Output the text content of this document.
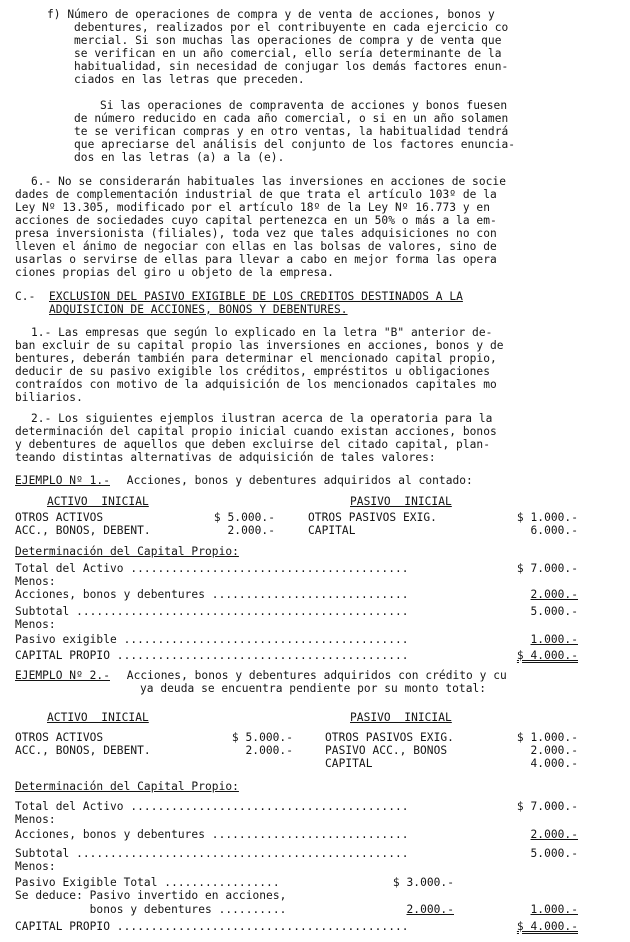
f) Número de operaciones de compra y de venta de acciones, bonos y
debentures, realizados por el contribuyente en cada ejercicio co
mercial. Si son muchas las operaciones de compra y de venta que
se verifican en un año comercial, ello sería determinante de la
habitualidad, sin necesidad de conjugar los demás factores enun-
ciados en las letras que preceden.
Si las operaciones de compraventa de acciones y bonos fuesen
de número reducido en cada año comercial, o si en un año solamen
te se verifican compras y en otro ventas, la habitualidad tendrá
que apreciarse del análisis del conjunto de los factores enuncia-
dos en las letras (a) a la (e).
6.- No se considerarán habituales las inversiones en acciones de socie
dades de complementación industrial de que trata el artículo 103º de la
Ley Nº 13.305, modificado por el artículo 18º de la Ley Nº 16.773 y en
acciones de sociedades cuyo capital pertenezca en un 50% o más a la em-
presa inversionista (filiales), toda vez que tales adquisiciones no con
lleven el ánimo de negociar con ellas en las bolsas de valores, sino de
usarlas o servirse de ellas para llevar a cabo en mejor forma las opera
ciones propias del giro u objeto de la empresa.
C.- EXCLUSION DEL PASIVO EXIGIBLE DE LOS CREDITOS DESTINADOS A LA
ADQUISICION DE ACCIONES, BONOS Y DEBENTURES.
1.- Las empresas que según lo explicado en la letra "B" anterior de-
ban excluir de su capital propio las inversiones en acciones, bonos y de
bentures, deberán también para determinar el mencionado capital propio,
deducir de su pasivo exigible los créditos, empréstitos u obligaciones
contraídos con motivo de la adquisición de los mencionados capitales mo
biliarios.
2.- Los siguientes ejemplos ilustran acerca de la operatoria para la
determinación del capital propio inicial cuando existan acciones, bonos
y debentures de aquellos que deben excluirse del citado capital, plan-
teando distintas alternativas de adquisición de tales valores:
EJEMPLO Nº 1.- Acciones, bonos y debentures adquiridos al contado:
ACTIVO  INICIAL	PASIVO  INICIAL
OTROS ACTIVOS	$ 5.000.-
ACC., BONOS, DEBENT.	2.000.-
OTROS PASIVOS EXIG.	$ 1.000.-
CAPITAL	6.000.-
Determinación del Capital Propio:
Total del Activo .........................................	$ 7.000.-
Menos:
Acciones, bonos y debentures .............................	2.000.-
Subtotal .................................................	5.000.-
Menos:
Pasivo exigible ..........................................	1.000.-
CAPITAL PROPIO ...........................................	$ 4.000.-
EJEMPLO Nº 2.- Acciones, bonos y debentures adquiridos con crédito y cu
ya deuda se encuentra pendiente por su monto total:
ACTIVO  INICIAL	PASIVO  INICIAL
OTROS ACTIVOS	$ 5.000.-
ACC., BONOS, DEBENT.	2.000.-
OTROS PASIVOS EXIG.	$ 1.000.-
PASIVO ACC., BONOS	2.000.-
CAPITAL	4.000.-
Determinación del Capital Propio:
Total del Activo .........................................	$ 7.000.-
Menos:
Acciones, bonos y debentures .............................	2.000.-
Subtotal .................................................	5.000.-
Menos:
Pasivo Exigible Total .................	$ 3.000.-
Se deduce: Pasivo invertido en acciones,
bonos y debentures ..........	2.000.-	1.000.-
CAPITAL PROPIO ...........................................	$ 4.000.-
